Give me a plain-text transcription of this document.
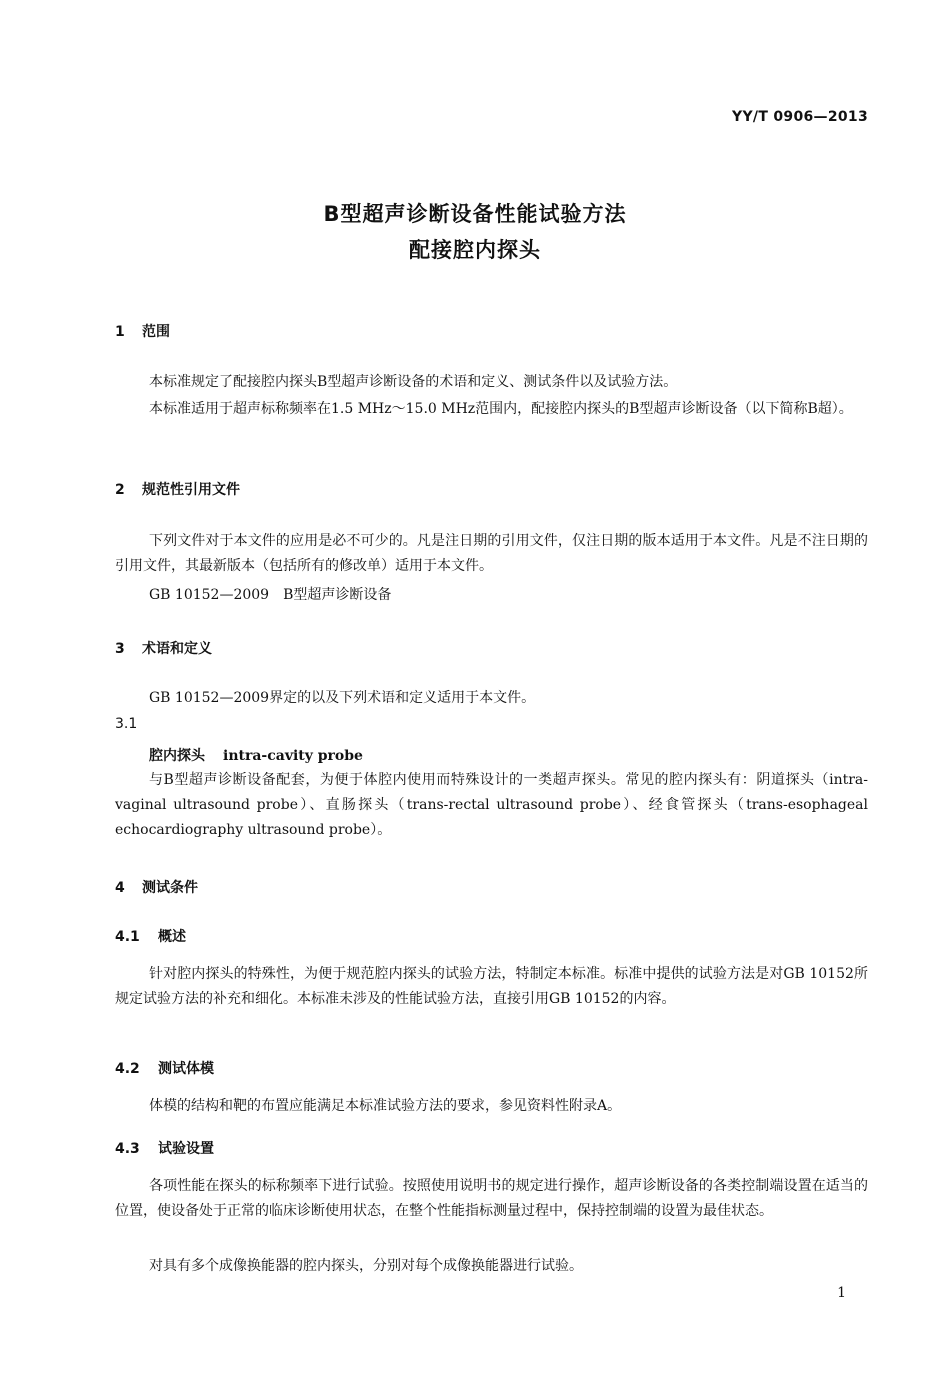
YY/T 0906—2013
B型超声诊断设备性能试验方法
配接腔内探头
1 范围
本标准规定了配接腔内探头B型超声诊断设备的术语和定义、测试条件以及试验方法。
本标准适用于超声标称频率在1.5 MHz～15.0 MHz范围内，配接腔内探头的B型超声诊断设备（以下简称B超）。
2 规范性引用文件
下列文件对于本文件的应用是必不可少的。凡是注日期的引用文件，仅注日期的版本适用于本文件。凡是不注日期的引用文件，其最新版本（包括所有的修改单）适用于本文件。
GB 10152—2009　B型超声诊断设备
3 术语和定义
GB 10152—2009界定的以及下列术语和定义适用于本文件。
3.1
腔内探头 intra-cavity probe
与B型超声诊断设备配套，为便于体腔内使用而特殊设计的一类超声探头。常见的腔内探头有：阴道探头（intra-vaginal ultrasound probe）、直肠探头（trans-rectal ultrasound probe）、经食管探头（trans-esophageal echocardiography ultrasound probe）。
4 测试条件
4.1 概述
针对腔内探头的特殊性，为便于规范腔内探头的试验方法，特制定本标准。标准中提供的试验方法是对GB 10152所规定试验方法的补充和细化。本标准未涉及的性能试验方法，直接引用GB 10152的内容。
4.2 测试体模
体模的结构和靶的布置应能满足本标准试验方法的要求，参见资料性附录A。
4.3 试验设置
各项性能在探头的标称频率下进行试验。按照使用说明书的规定进行操作，超声诊断设备的各类控制端设置在适当的位置，使设备处于正常的临床诊断使用状态，在整个性能指标测量过程中，保持控制端的设置为最佳状态。
对具有多个成像换能器的腔内探头，分别对每个成像换能器进行试验。
1
